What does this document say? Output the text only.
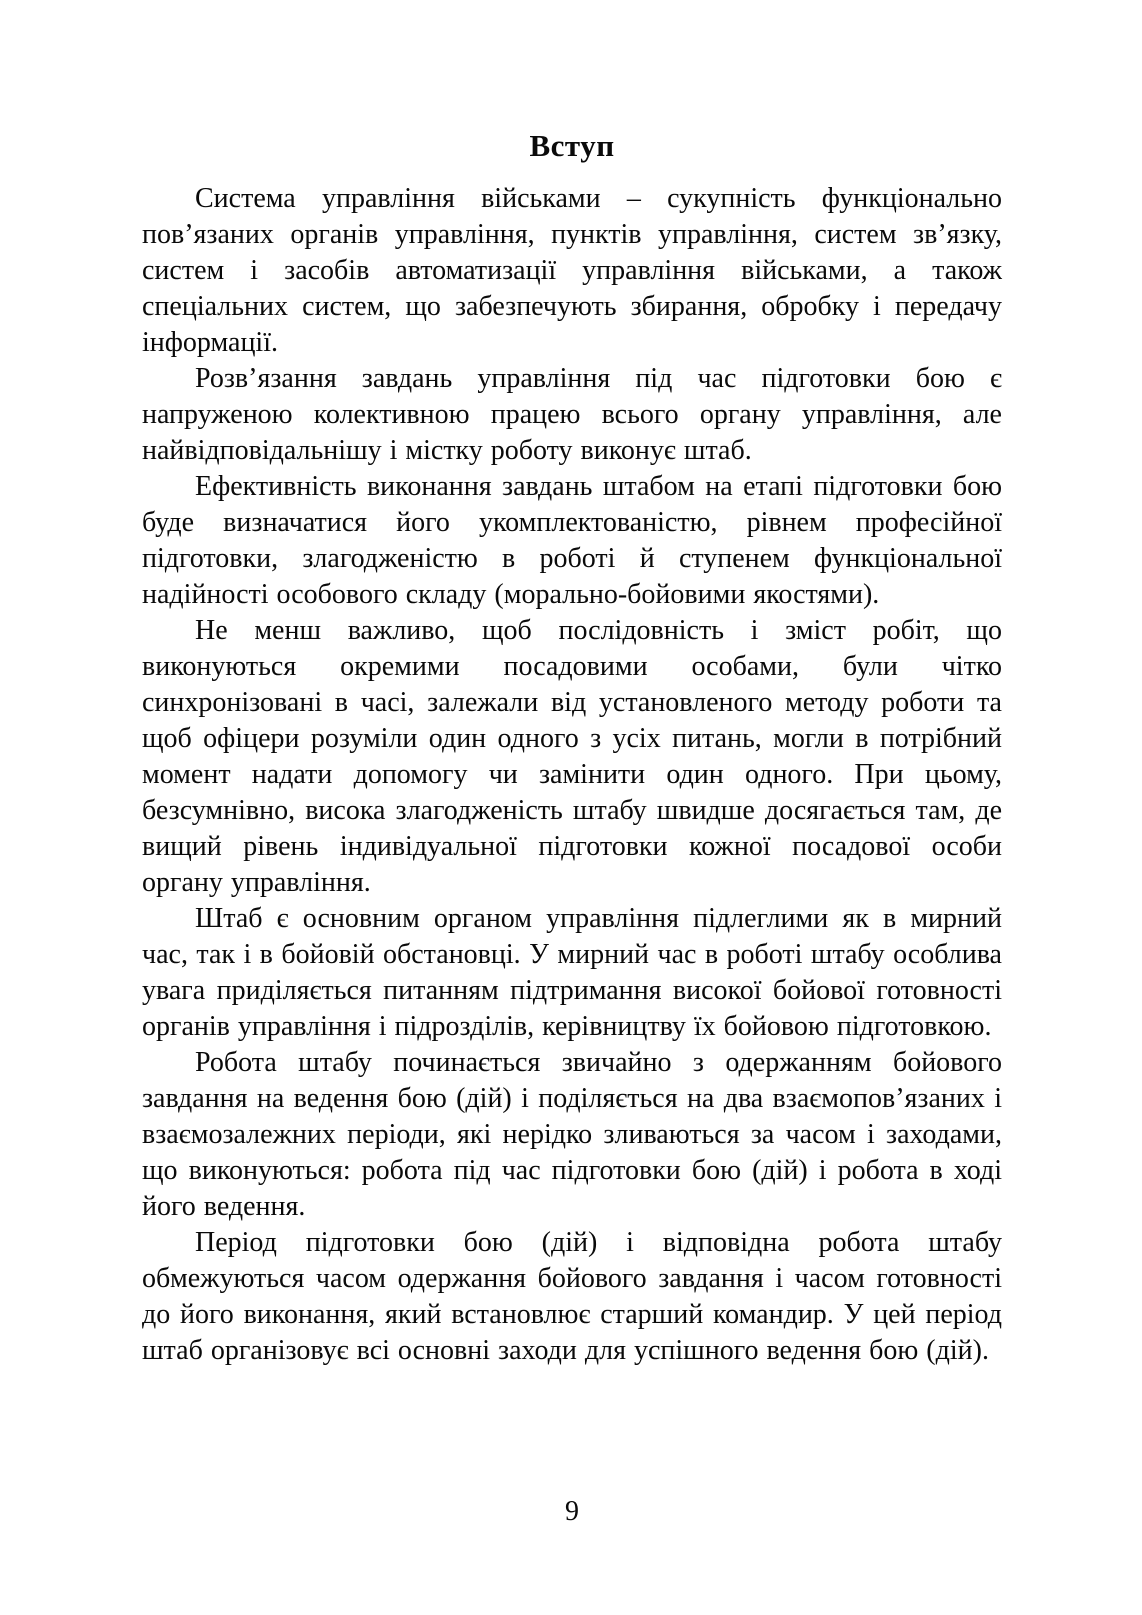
Вступ

Система управління військами – сукупність функціонально пов’язаних органів управління, пунктів управління, систем зв’язку, систем і засобів автоматизації управління військами, а також спеціальних систем, що забезпечують збирання, обробку і передачу інформації.

Розв’язання завдань управління під час підготовки бою є напруженою колективною працею всього органу управління, але найвідповідальнішу і містку роботу виконує штаб.

Ефективність виконання завдань штабом на етапі підготовки бою буде визначатися його укомплектованістю, рівнем професійної підготовки, злагодженістю в роботі й ступенем функціональної надійності особового складу (морально-бойовими якостями).

Не менш важливо, щоб послідовність і зміст робіт, що виконуються окремими посадовими особами, були чітко синхронізовані в часі, залежали від установленого методу роботи та щоб офіцери розуміли один одного з усіх питань, могли в потрібний момент надати допомогу чи замінити один одного. При цьому, безсумнівно, висока злагодженість штабу швидше досягається там, де вищий рівень індивідуальної підготовки кожної посадової особи органу управління.

Штаб є основним органом управління підлеглими як в мирний час, так і в бойовій обстановці. У мирний час в роботі штабу особлива увага приділяється питанням підтримання високої бойової готовності органів управління і підрозділів, керівництву їх бойовою підготовкою.

Робота штабу починається звичайно з одержанням бойового завдання на ведення бою (дій) і поділяється на два взаємопов’язаних і взаємозалежних періоди, які нерідко зливаються за часом і заходами, що виконуються: робота під час підготовки бою (дій) і робота в ході його ведення.

Період підготовки бою (дій) і відповідна робота штабу обмежуються часом одержання бойового завдання і часом готовності до його виконання, який встановлює старший командир. У цей період штаб організовує всі основні заходи для успішного ведення бою (дій).

9
